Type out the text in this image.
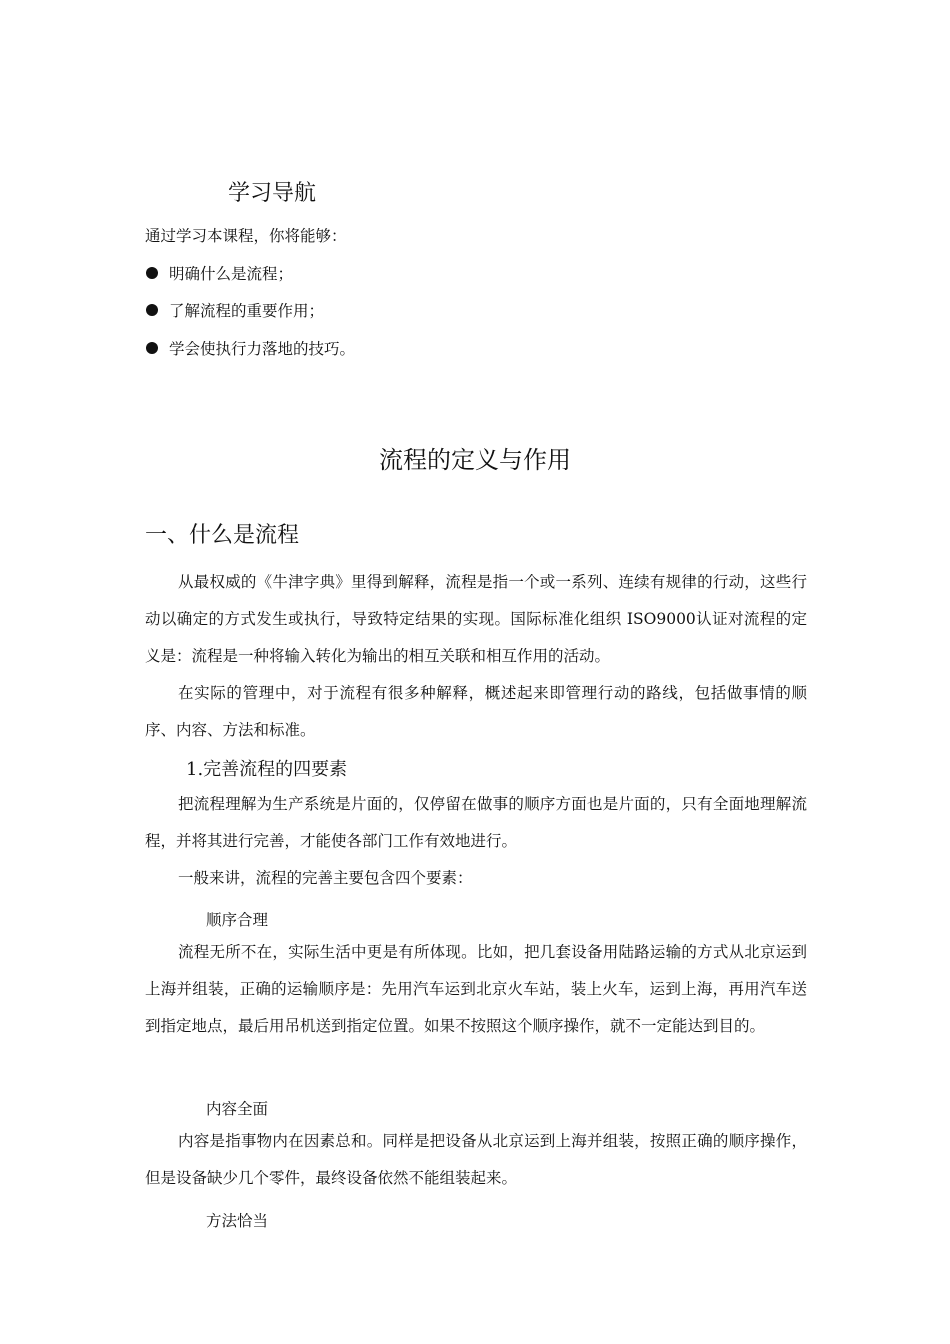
学习导航
通过学习本课程，你将能够：
明确什么是流程；
了解流程的重要作用；
学会使执行力落地的技巧。
流程的定义与作用
一、什么是流程

从最权威的《牛津字典》里得到解释，流程是指一个或一系列、连续有规律的行动，这些行动以确定的方式发生或执行，导致特定结果的实现。国际标准化组织 ISO9000认证对流程的定义是：流程是一种将输入转化为输出的相互关联和相互作用的活动。

在实际的管理中，对于流程有很多种解释，概述起来即管理行动的路线，包括做事情的顺序、内容、方法和标准。

1.完善流程的四要素

把流程理解为生产系统是片面的，仅停留在做事的顺序方面也是片面的，只有全面地理解流程，并将其进行完善，才能使各部门工作有效地进行。

一般来讲，流程的完善主要包含四个要素：

顺序合理

流程无所不在，实际生活中更是有所体现。比如，把几套设备用陆路运输的方式从北京运到上海并组装，正确的运输顺序是：先用汽车运到北京火车站，装上火车，运到上海，再用汽车送到指定地点，最后用吊机送到指定位置。如果不按照这个顺序操作，就不一定能达到目的。

内容全面

内容是指事物内在因素总和。同样是把设备从北京运到上海并组装，按照正确的顺序操作，但是设备缺少几个零件，最终设备依然不能组装起来。

方法恰当
